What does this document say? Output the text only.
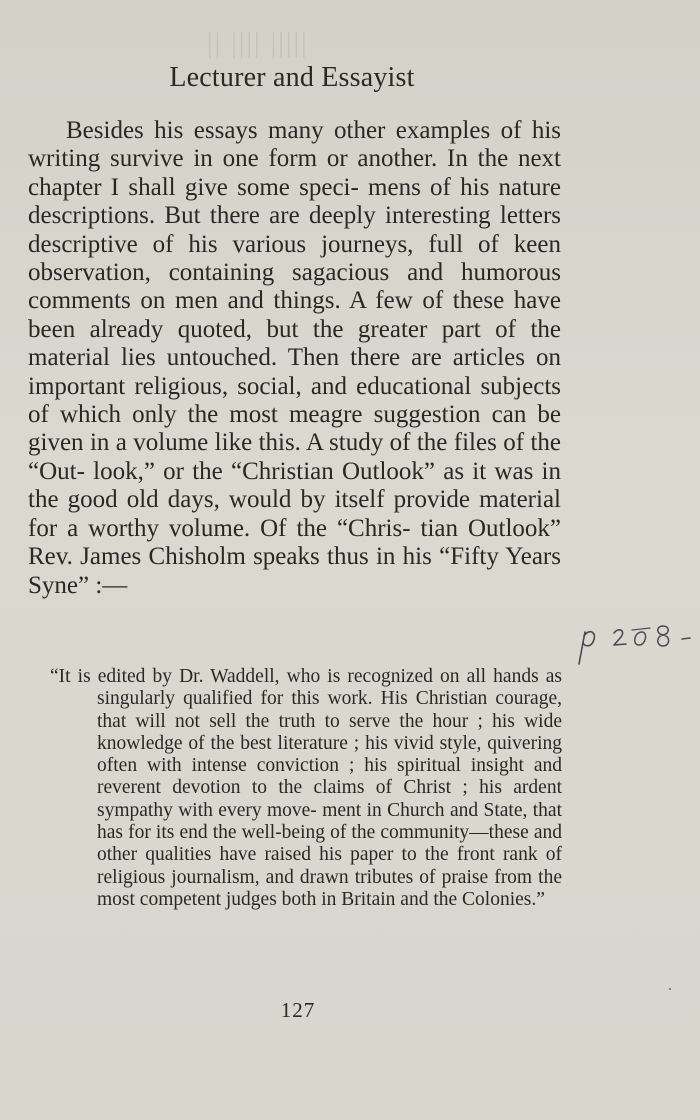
||||| |||| ||
Lecturer and Essayist

Besides his essays many other examples of his writing survive in one form or another. In the next chapter I shall give some speci- mens of his nature descriptions. But there are deeply interesting letters descriptive of his various journeys, full of keen observation, containing sagacious and humorous comments on men and things. A few of these have been already quoted, but the greater part of the material lies untouched. Then there are articles on important religious, social, and educational subjects of which only the most meagre suggestion can be given in a volume like this. A study of the files of the “Out- look,” or the “Christian Outlook” as it was in the good old days, would by itself provide material for a worthy volume. Of the “Chris- tian Outlook” Rev. James Chisholm speaks thus in his “Fifty Years Syne” :—

“It is edited by Dr. Waddell, who is recognized on all hands as singularly qualified for this work. His Christian courage, that will not sell the truth to serve the hour ; his wide knowledge of the best literature ; his vivid style, quivering often with intense conviction ; his spiritual insight and reverent devotion to the claims of Christ ; his ardent sympathy with every move- ment in Church and State, that has for its end the well-being of the community—these and other qualities have raised his paper to the front rank of religious journalism, and drawn tributes of praise from the most competent judges both in Britain and the Colonies.”
p 208 -
127
